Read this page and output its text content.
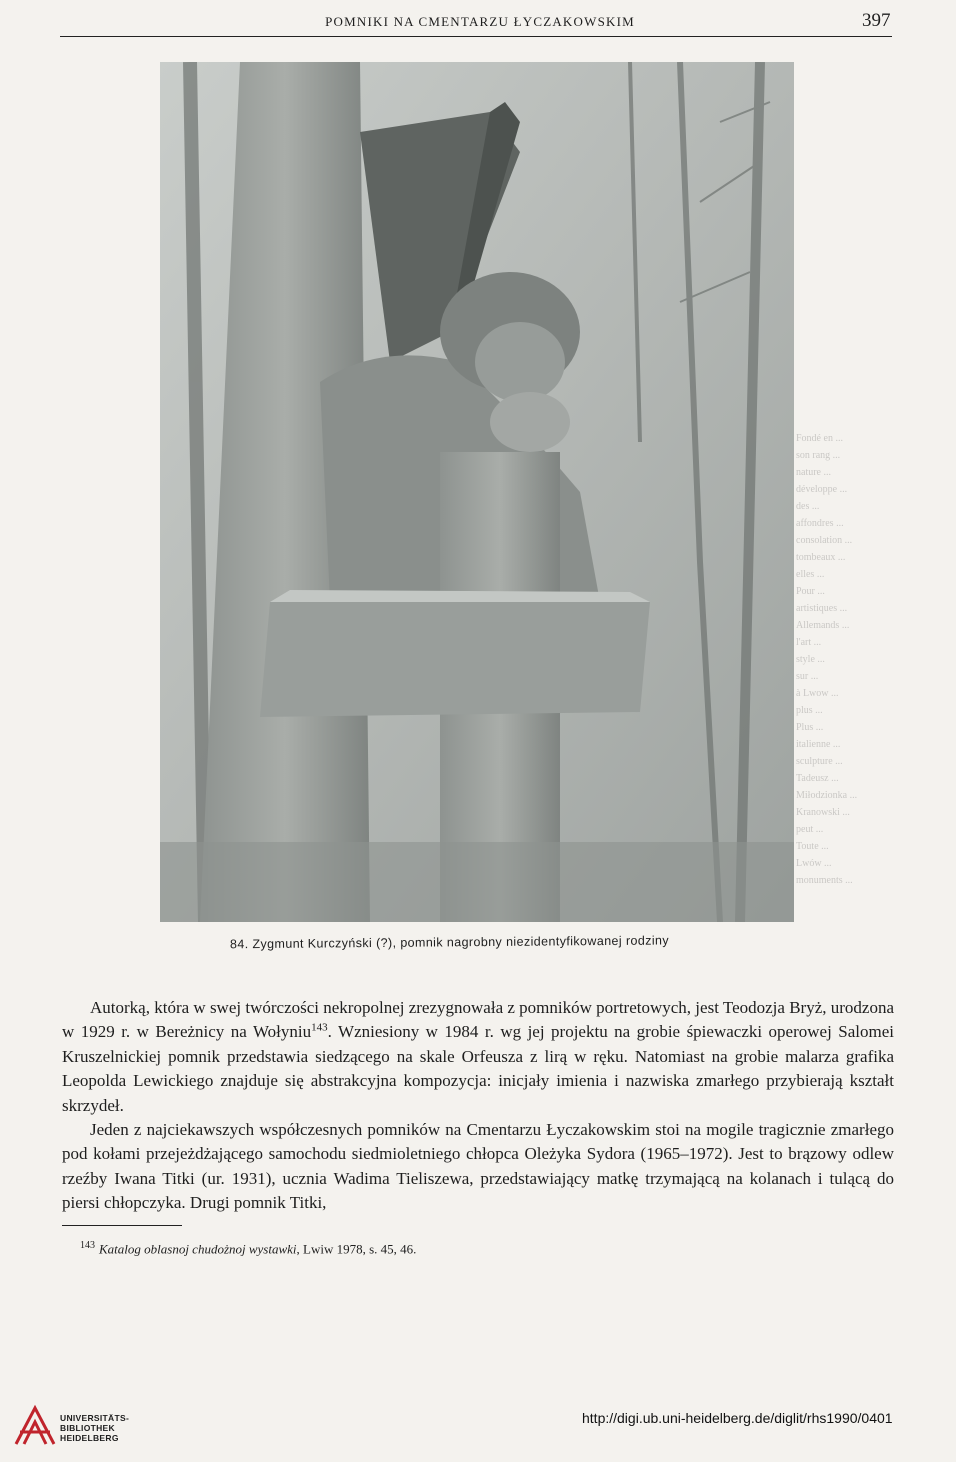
POMNIKI NA CMENTARZU ŁYCZAKOWSKIM	397
Fondé en ...
son rang ...
nature ...
développe ...
des ...
affondres ...
consolation ...
tombeaux ...
elles ...
Pour ...
artistiques ...
Allemands ...
l'art ...
style ...
sur ...
à Lwow ...
plus ...
Plus ...
italienne ...
sculpture ...
Tadeusz ...
Miłodzionka ...
Kranowski ...
peut ...
Toute ...
Lwów ...
monuments ...
84. Zygmunt Kurczyński (?), pomnik nagrobny niezidentyfikowanej rodziny

Autorką, która w swej twórczości nekropolnej zrezygnowała z pomników portretowych, jest Teodozja Bryż, urodzona w 1929 r. w Bereżnicy na Wołyniu$^{143}$. Wzniesiony w 1984 r. wg jej projektu na grobie śpiewaczki operowej Salomei Kruszelnickiej pomnik przedstawia siedzącego na skale Orfeusza z lirą w ręku. Natomiast na grobie malarza grafika Leopolda Lewickiego znajduje się abstrakcyjna kompozycja: inicjały imienia i nazwiska zmarłego przybierają kształt skrzydeł.

Jeden z najciekawszych współczesnych pomników na Cmentarzu Łyczakowskim stoi na mogile tragicznie zmarłego pod kołami przejeżdżającego samochodu siedmioletniego chłopca Oleżyka Sydora (1965–1972). Jest to brązowy odlew rzeźby Iwana Titki (ur. 1931), ucznia Wadima Tieliszewa, przedstawiający matkę trzymającą na kolanach i tulącą do piersi chłopczyka. Drugi pomnik Titki,

$^{143}$ Katalog oblasnoj chudożnoj wystawki, Lwiw 1978, s. 45, 46.
UNIVERSITÄTS-
BIBLIOTHEK
HEIDELBERG
http://digi.ub.uni-heidelberg.de/diglit/rhs1990/0401
